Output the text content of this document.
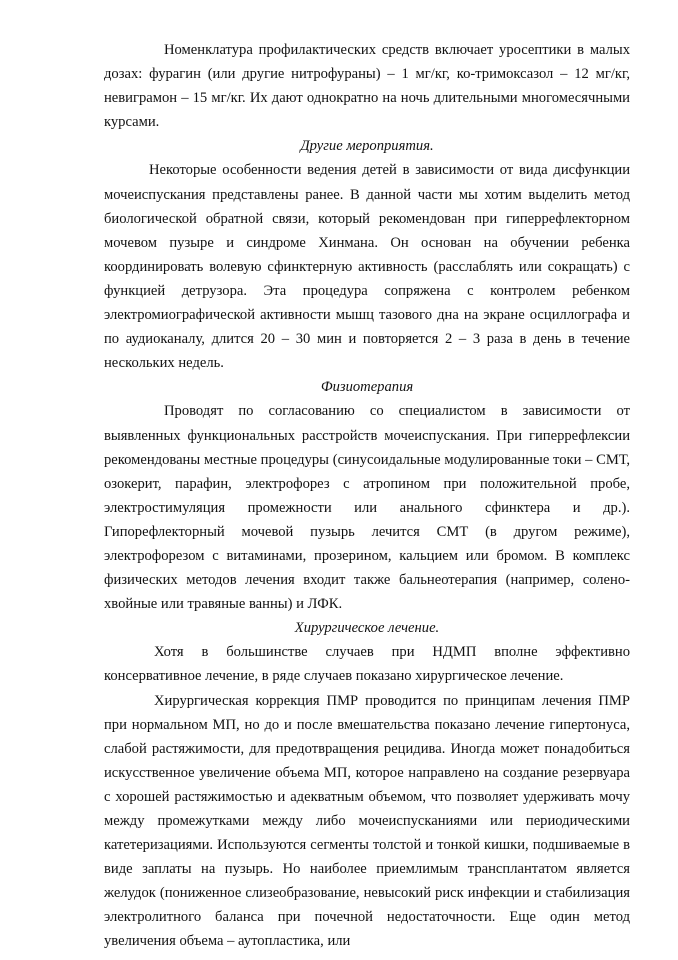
Номенклатура профилактических средств включает уросептики в малых дозах: фурагин (или другие нитрофураны) – 1 мг/кг, ко-тримоксазол – 12 мг/кг, невиграмон – 15 мг/кг. Их дают однократно на ночь длительными многомесячными курсами.

Другие мероприятия.

Некоторые особенности ведения детей в зависимости от вида дисфункции мочеиспускания представлены ранее. В данной части мы хотим выделить метод биологической обратной связи, который рекомендован при гиперрефлекторном мочевом пузыре и синдроме Хинмана. Он основан на обучении ребенка координировать волевую сфинктерную активность (расслаблять или сокращать) с функцией детрузора. Эта процедура сопряжена с контролем ребенком электромиографической активности мышц тазового дна на экране осциллографа и по аудиоканалу, длится 20 – 30 мин и повторяется 2 – 3 раза в день в течение нескольких недель.

Физиотерапия

Проводят по согласованию со специалистом в зависимости от выявленных функциональных расстройств мочеиспускания. При гиперрефлексии рекомендованы местные процедуры (синусоидальные модулированные токи – СМТ, озокерит, парафин, электрофорез с атропином при положительной пробе, электростимуляция промежности или анального сфинктера и др.). Гипорефлекторный мочевой пузырь лечится СМТ (в другом режиме), электрофорезом с витаминами, прозерином, кальцием или бромом. В комплекс физических методов лечения входит также бальнеотерапия (например, солено-хвойные или травяные ванны) и ЛФК.

Хирургическое лечение.

Хотя в большинстве случаев при НДМП вполне эффективно консервативное лечение, в ряде случаев показано хирургическое лечение.

Хирургическая коррекция ПМР проводится по принципам лечения ПМР при нормальном МП, но до и после вмешательства показано лечение гипертонуса, слабой растяжимости, для предотвращения рецидива. Иногда может понадобиться искусственное увеличение объема МП, которое направлено на создание резервуара с хорошей растяжимостью и адекватным объемом, что позволяет удерживать мочу между промежутками между либо мочеиспусканиями или периодическими катетеризациями. Используются сегменты толстой и тонкой кишки, подшиваемые в виде заплаты на пузырь. Но наиболее приемлимым трансплантатом является желудок (пониженное слизеобразование, невысокий риск инфекции и стабилизация электролитного баланса при почечной недостаточности. Еще один метод увеличения объема – аутопластика, или
